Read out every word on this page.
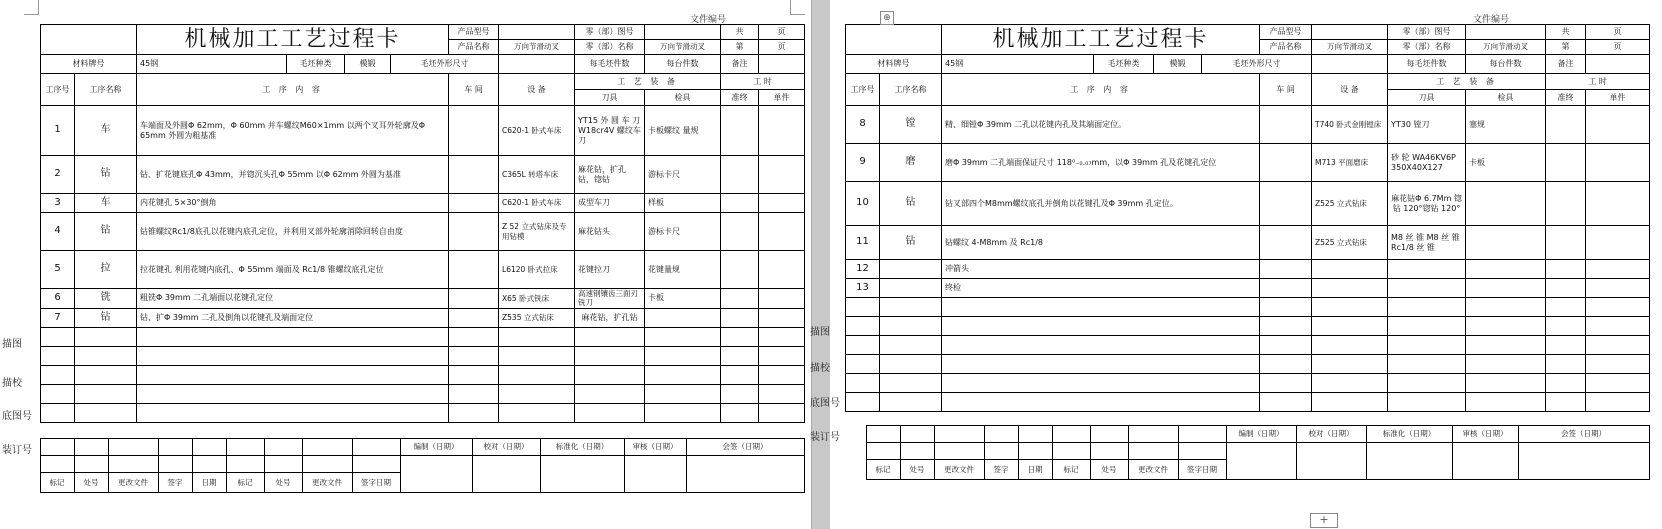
文件编号
		机械加工工艺过程卡				产品型号		零（部）图号		共	页
						产品名称	万向节滑动叉	零（部）名称	万向节滑动叉	第	页
材料牌号		45钢	毛坯种类	模锻	毛坯外形尺寸			每毛坯件数	每台件数	备注	
工序号	工序名称	工 序 内 容				车 间	设 备	工 艺 装 备		工 时	
								刀具	检具	准终	单件
1	车	车端面及外圆Φ 62mm，Φ 60mm 并车螺纹M60×1mm 以两个叉耳外轮廓及Φ 65mm 外圆为粗基准					C620-1 卧式车床	YT15 外 圆 车 刀 W18cr4V 螺纹车刀	卡板螺纹 量规		
2	钻	钻、扩花键底孔Φ 43mm，并锪沉头孔Φ 55mm 以Φ 62mm 外圆为基准					C365L 转塔车床	麻花钻，扩孔钻，锪钻	游标卡尺		
3	车	内花键孔 5×30°倒角					C620-1 卧式车床	成型车刀	样板		
4	钻	钻锥螺纹Rc1/8底孔以花键内底孔定位，并利用叉部外轮廓消除回转自由度					Z 52 立式钻床及专用钻模	麻花钻头	游标卡尺		
5	拉	拉花键孔 利用花键内底孔、Φ 55mm 端面及 Rc1/8 锥螺纹底孔定位					L6120 卧式拉床	花键拉刀	花键量规		
6	铣	粗铣Φ 39mm 二孔端面以花键孔定位					X65 卧式铣床	高速钢镶齿三面刃铣刀	卡板		
7	钻	钻、扩Φ 39mm 二孔及倒角以花键孔及端面定位					Z535 立式钻床	麻花钻，扩孔钻			

描图
描校
底图号
装订号
											编制（日期）	校对（日期）	标准化（日期）	审核（日期）	会签（日期）

	标记	处号	更改文件	签字	日期	标记	处号	更改文件	签字日期					
文件编号
		机械加工工艺过程卡				产品型号		零（部）图号		共	页
						产品名称	万向节滑动叉	零（部）名称	万向节滑动叉	第	页
材料牌号		45钢	毛坯种类	模锻	毛坯外形尺寸			每毛坯件数	每台件数	备注	
工序号	工序名称	工 序 内 容				车 间	设 备	工 艺 装 备		工 时	
								刀具	检具	准终	单件
8	镗	精、细镗Φ 39mm 二孔以花键内孔及其端面定位。					T740 卧式金刚镗床	YT30 镗刀	塞规		
9	磨	磨Φ 39mm 二孔端面保证尺寸 118⁰₋₀.₀₇mm，以Φ 39mm 孔及花键孔定位					M713 平面磨床	砂 轮 WA46KV6P 350X40X127	卡板		
10	钻	钻叉部四个M8mm螺纹底孔并倒角以花键孔及Φ 39mm 孔定位。					Z525 立式钻床	麻花钻Φ 6.7Mm 锪钻 120°锪钻 120°			
11	钻	钻螺纹 4-M8mm 及 Rc1/8					Z525 立式钻床	M8 丝 锥 M8 丝 锥 Rc1/8 丝 锥			
12		冲箭头									
13		终检									

描图
描校
底图号
装订号
											编制（日期）	校对（日期）	标准化（日期）	审核（日期）	会签（日期）

	标记	处号	更改文件	签字	日期	标记	处号	更改文件	签字日期					
⊕
+
